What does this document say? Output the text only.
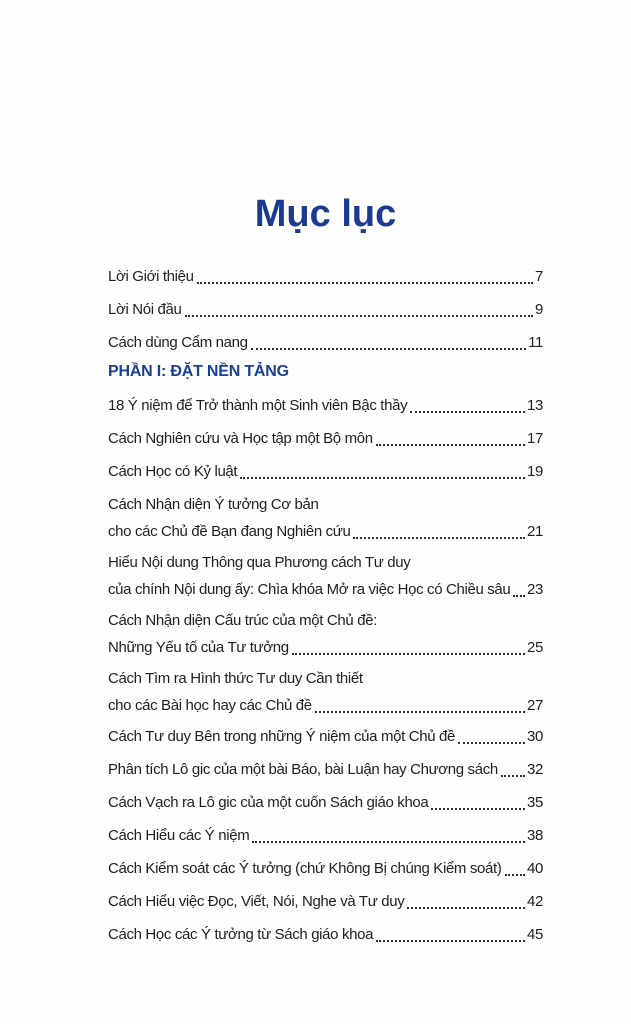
Mục lục
Lời Giới thiệu	7
Lời Nói đầu	9
Cách dùng Cẩm nang	11
PHẦN I: ĐẶT NỀN TẢNG
18 Ý niệm để Trở thành một Sinh viên Bậc thầy	13
Cách Nghiên cứu và Học tập một Bộ môn	17
Cách Học có Kỷ luật	19
Cách Nhận diện Ý tưởng Cơ bản
cho các Chủ đề Bạn đang Nghiên cứu	21
Hiểu Nội dung Thông qua Phương cách Tư duy
của chính Nội dung ấy: Chìa khóa Mở ra việc Học có Chiều sâu 23
Cách Nhận diện Cấu trúc của một Chủ đề:
Những Yếu tố của Tư tưởng	25
Cách Tìm ra Hình thức Tư duy Cần thiết
cho các Bài học hay các Chủ đề	27
Cách Tư duy Bên trong những Ý niệm của một Chủ đề	30
Phân tích Lô gic của một bài Báo, bài Luận hay Chương sách 32
Cách Vạch ra Lô gic của một cuốn Sách giáo khoa	35
Cách Hiểu các Ý niệm	38
Cách Kiểm soát các Ý tưởng (chứ Không Bị chúng Kiểm soát) 40
Cách Hiểu việc Đọc, Viết, Nói, Nghe và Tư duy	42
Cách Học các Ý tưởng từ Sách giáo khoa	45
